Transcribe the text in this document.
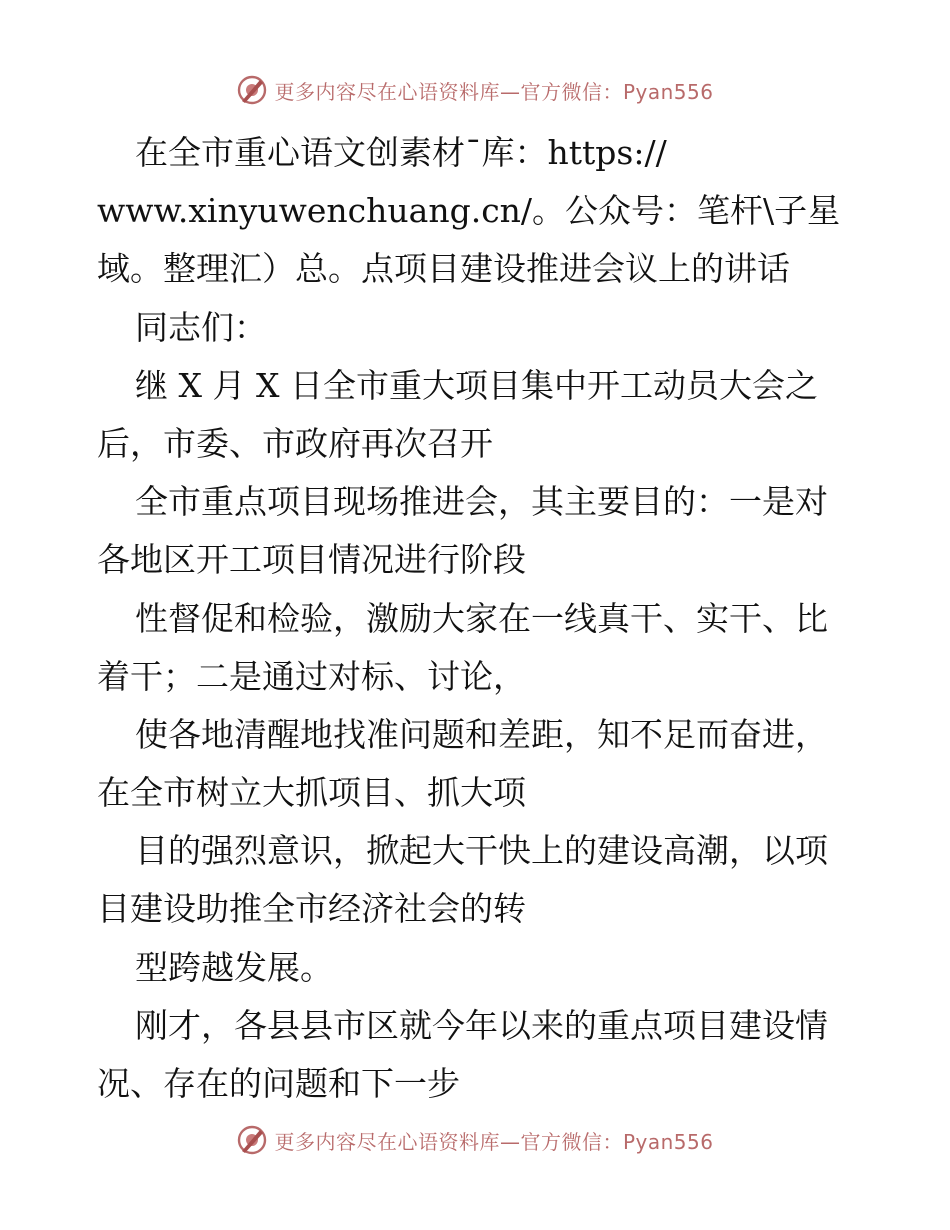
更多内容尽在心语资料库—官方微信：Pyan556
在全市重心语文创素材¯库：https://
www.xinyuwenchuang.cn/。公众号：笔杆\子星
域。整理汇）总。点项目建设推进会议上的讲话
同志们：
继 X 月 X 日全市重大项目集中开工动员大会之
后，市委、市政府再次召开
全市重点项目现场推进会，其主要目的：一是对
各地区开工项目情况进行阶段
性督促和检验，激励大家在一线真干、实干、比
着干；二是通过对标、讨论，
使各地清醒地找准问题和差距，知不足而奋进，
在全市树立大抓项目、抓大项
目的强烈意识，掀起大干快上的建设高潮，以项
目建设助推全市经济社会的转
型跨越发展。
刚才，各县县市区就今年以来的重点项目建设情
况、存在的问题和下一步
更多内容尽在心语资料库—官方微信：Pyan556
